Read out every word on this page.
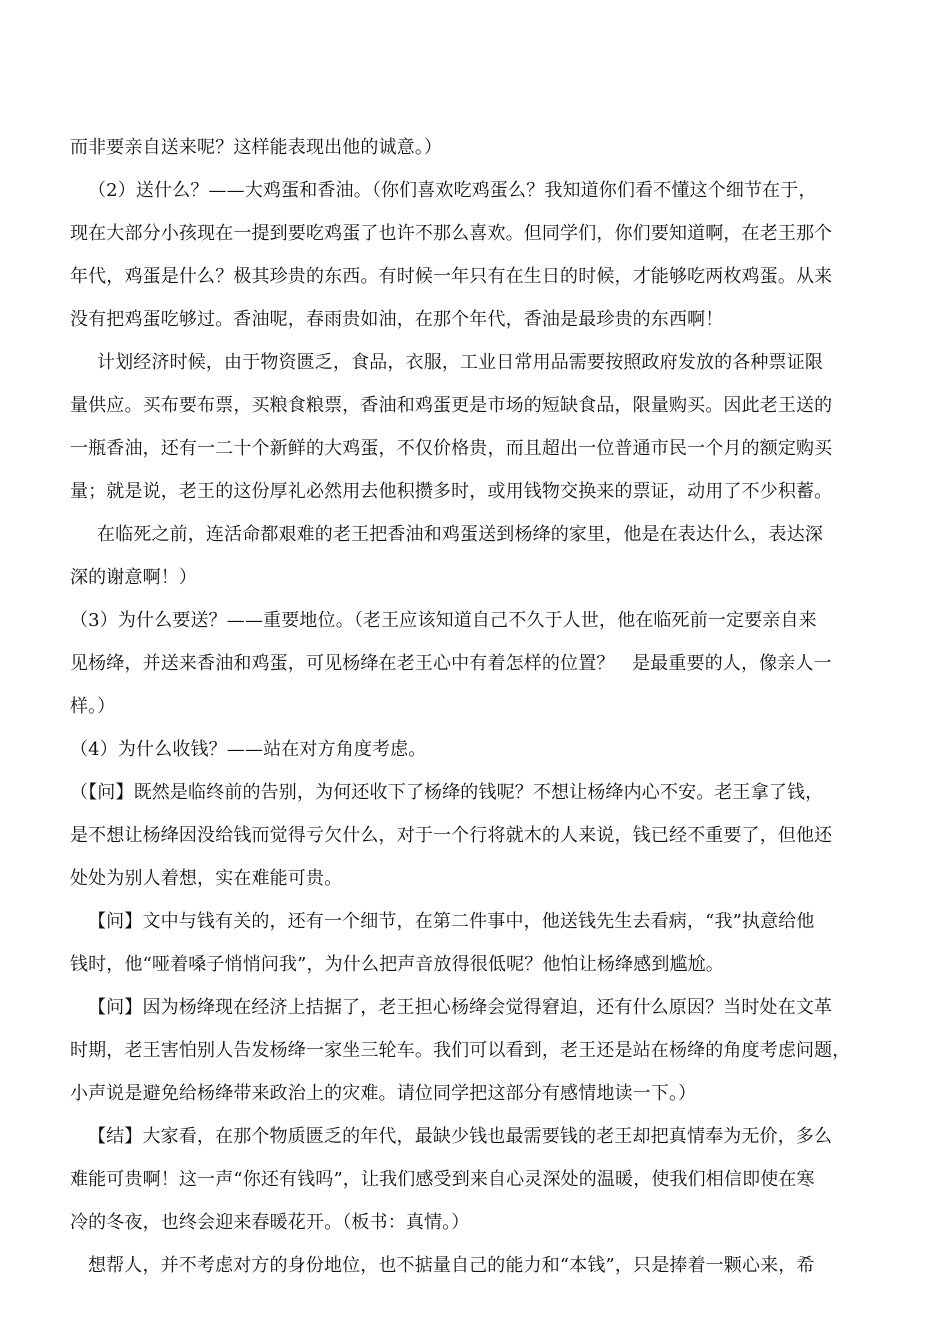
而非要亲自送来呢？这样能表现出他的诚意。）
（2）送什么？——大鸡蛋和香油。（你们喜欢吃鸡蛋么？我知道你们看不懂这个细节在于，
现在大部分小孩现在一提到要吃鸡蛋了也许不那么喜欢。但同学们，你们要知道啊，在老王那个
年代，鸡蛋是什么？极其珍贵的东西。有时候一年只有在生日的时候，才能够吃两枚鸡蛋。从来
没有把鸡蛋吃够过。香油呢，春雨贵如油，在那个年代，香油是最珍贵的东西啊！
计划经济时候，由于物资匮乏，食品，衣服，工业日常用品需要按照政府发放的各种票证限
量供应。买布要布票，买粮食粮票，香油和鸡蛋更是市场的短缺食品，限量购买。因此老王送的
一瓶香油，还有一二十个新鲜的大鸡蛋，不仅价格贵，而且超出一位普通市民一个月的额定购买
量；就是说，老王的这份厚礼必然用去他积攒多时，或用钱物交换来的票证，动用了不少积蓄。
在临死之前，连活命都艰难的老王把香油和鸡蛋送到杨绛的家里，他是在表达什么，表达深
深的谢意啊！）
（3）为什么要送？——重要地位。（老王应该知道自己不久于人世，他在临死前一定要亲自来
见杨绛，并送来香油和鸡蛋，可见杨绛在老王心中有着怎样的位置？   是最重要的人，像亲人一
样。）
（4）为什么收钱？——站在对方角度考虑。
（【问】既然是临终前的告别，为何还收下了杨绛的钱呢？不想让杨绛内心不安。老王拿了钱，
是不想让杨绛因没给钱而觉得亏欠什么，对于一个行将就木的人来说，钱已经不重要了，但他还
处处为别人着想，实在难能可贵。
【问】文中与钱有关的，还有一个细节，在第二件事中，他送钱先生去看病，“我”执意给他
钱时，他“哑着嗓子悄悄问我”，为什么把声音放得很低呢？他怕让杨绛感到尴尬。
【问】因为杨绛现在经济上拮据了，老王担心杨绛会觉得窘迫，还有什么原因？当时处在文革
时期，老王害怕别人告发杨绛一家坐三轮车。我们可以看到，老王还是站在杨绛的角度考虑问题，
小声说是避免给杨绛带来政治上的灾难。请位同学把这部分有感情地读一下。）
【结】大家看，在那个物质匮乏的年代，最缺少钱也最需要钱的老王却把真情奉为无价，多么
难能可贵啊！这一声“你还有钱吗”，让我们感受到来自心灵深处的温暖，使我们相信即使在寒
冷的冬夜，也终会迎来春暖花开。（板书：真情。）
想帮人，并不考虑对方的身份地位，也不掂量自己的能力和“本钱”，只是捧着一颗心来，希
